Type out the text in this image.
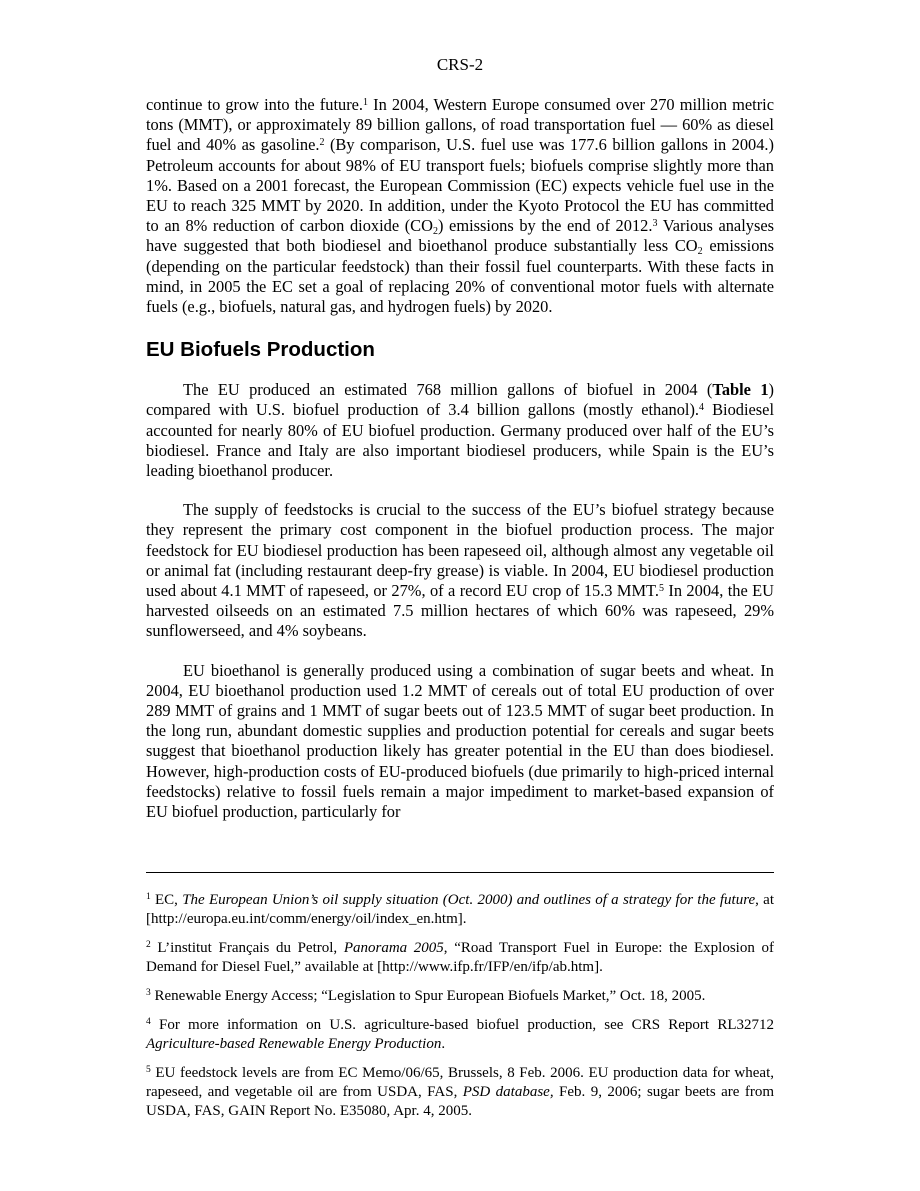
CRS-2

continue to grow into the future.$^1$ In 2004, Western Europe consumed over 270 million metric tons (MMT), or approximately 89 billion gallons, of road transportation fuel — 60% as diesel fuel and 40% as gasoline.$^2$ (By comparison, U.S. fuel use was 177.6 billion gallons in 2004.) Petroleum accounts for about 98% of EU transport fuels; biofuels comprise slightly more than 1%. Based on a 2001 forecast, the European Commission (EC) expects vehicle fuel use in the EU to reach 325 MMT by 2020. In addition, under the Kyoto Protocol the EU has committed to an 8% reduction of carbon dioxide $(CO_2)$ emissions by the end of 2012.$^3$ Various analyses have suggested that both biodiesel and bioethanol produce substantially less $CO_2$ emissions (depending on the particular feedstock) than their fossil fuel counterparts. With these facts in mind, in 2005 the EC set a goal of replacing 20% of conventional motor fuels with alternate fuels (e.g., biofuels, natural gas, and hydrogen fuels) by 2020.

EU Biofuels Production

The EU produced an estimated 768 million gallons of biofuel in 2004 (Table 1) compared with U.S. biofuel production of 3.4 billion gallons (mostly ethanol).$^4$ Biodiesel accounted for nearly 80% of EU biofuel production. Germany produced over half of the EU’s biodiesel. France and Italy are also important biodiesel producers, while Spain is the EU’s leading bioethanol producer.

The supply of feedstocks is crucial to the success of the EU’s biofuel strategy because they represent the primary cost component in the biofuel production process. The major feedstock for EU biodiesel production has been rapeseed oil, although almost any vegetable oil or animal fat (including restaurant deep-fry grease) is viable. In 2004, EU biodiesel production used about 4.1 MMT of rapeseed, or 27%, of a record EU crop of 15.3 MMT.$^5$ In 2004, the EU harvested oilseeds on an estimated 7.5 million hectares of which 60% was rapeseed, 29% sunflowerseed, and 4% soybeans.

EU bioethanol is generally produced using a combination of sugar beets and wheat. In 2004, EU bioethanol production used 1.2 MMT of cereals out of total EU production of over 289 MMT of grains and 1 MMT of sugar beets out of 123.5 MMT of sugar beet production. In the long run, abundant domestic supplies and production potential for cereals and sugar beets suggest that bioethanol production likely has greater potential in the EU than does biodiesel. However, high-production costs of EU-produced biofuels (due primarily to high-priced internal feedstocks) relative to fossil fuels remain a major impediment to market-based expansion of EU biofuel production, particularly for

$^1$ EC, The European Union’s oil supply situation (Oct. 2000) and outlines of a strategy for the future, at [http://europa.eu.int/comm/energy/oil/index_en.htm].

$^2$ L’institut Français du Petrol, Panorama 2005, “Road Transport Fuel in Europe: the Explosion of Demand for Diesel Fuel,” available at [http://www.ifp.fr/IFP/en/ifp/ab.htm].

$^3$ Renewable Energy Access; “Legislation to Spur European Biofuels Market,” Oct. 18, 2005.

$^4$ For more information on U.S. agriculture-based biofuel production, see CRS Report RL32712 Agriculture-based Renewable Energy Production.

$^5$ EU feedstock levels are from EC Memo/06/65, Brussels, 8 Feb. 2006. EU production data for wheat, rapeseed, and vegetable oil are from USDA, FAS, PSD database, Feb. 9, 2006; sugar beets are from USDA, FAS, GAIN Report No. E35080, Apr. 4, 2005.
